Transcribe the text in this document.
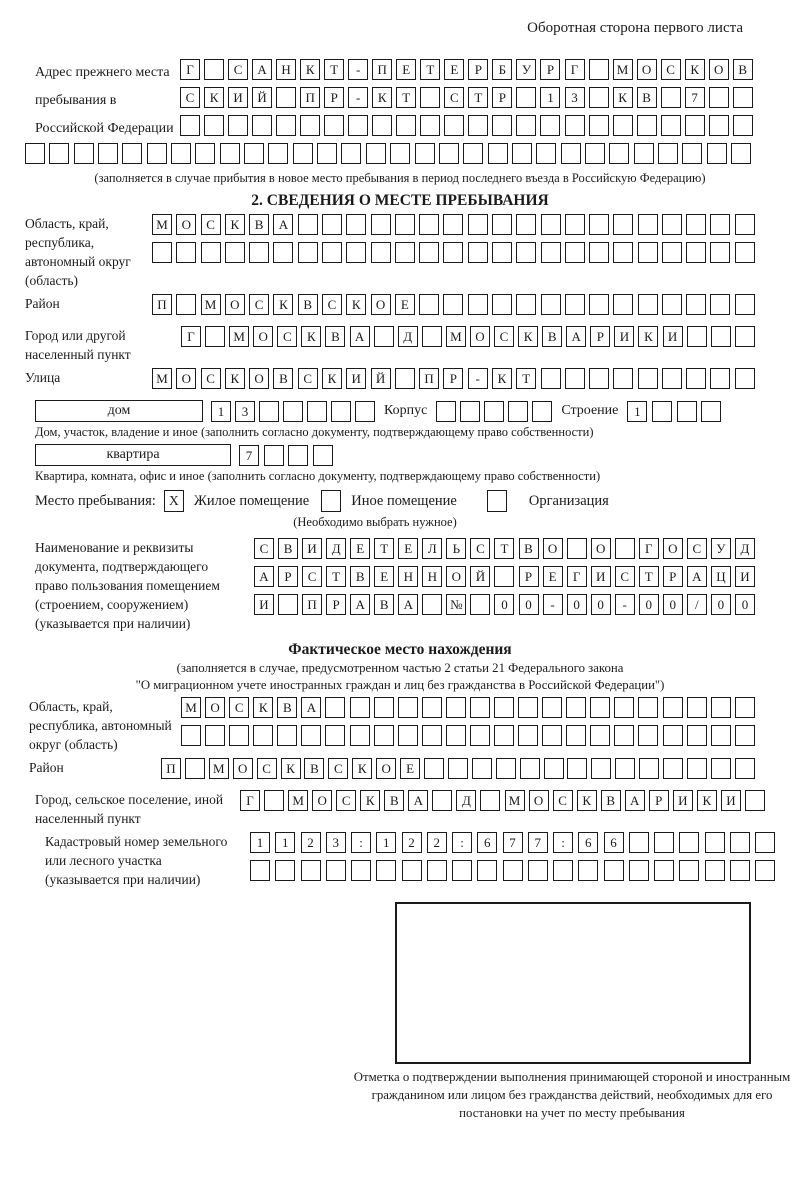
Оборотная сторона первого листа
Адрес прежнего места пребывания в Российской Федерации
Г	С	А	Н	К	Т	-	П	Е	Т	Е	Р	Б	У	Р	Г	М	О	С	К	О	В
С	К	И	Й	П	Р	-	К	Т	С	Т	Р	1	3	К	В	7
(заполняется в случае прибытия в новое место пребывания в период последнего въезда в Российскую Федерацию)
2. СВЕДЕНИЯ О МЕСТЕ ПРЕБЫВАНИЯ
Область, край, республика, автономный округ (область)
М	О	С	К	В	А
Район	П	М	О	С	К	В	С	К	О	Е
Город или другой населенный пункт
Г	М	О	С	К	В	А	Д	М	О	С	К	В	А	Р	И	К	И
Улица	М	О	С	К	О	В	С	К	И	Й	П	Р	-	К	Т
дом	1	3	Корпус	Строение	1
Дом, участок, владение и иное (заполнить согласно документу, подтверждающему право собственности)
квартира	7
Квартира, комната, офис и иное (заполнить согласно документу, подтверждающему право собственности)
Место пребывания: X	Жилое помещение	Иное помещение	Организация
(Необходимо выбрать нужное)
Наименование и реквизиты документа, подтверждающего право пользования помещением (строением, сооружением) (указывается при наличии)
С	В	И	Д	Е	Т	Е	Л	Ь	С	Т	В	О	О	Г	О	С	У	Д
А	Р	С	Т	В	Е	Н	Н	О	Й	Р	Е	Г	И	С	Т	Р	А	Ц	И
И	П	Р	А	В	А	№	0	0	-	0	0	-	0	0	/	0	0
Фактическое место нахождения
(заполняется в случае, предусмотренном частью 2 статьи 21 Федерального закона
"О миграционном учете иностранных граждан и лиц без гражданства в Российской Федерации")
Область, край, республика, автономный округ (область)
М	О	С	К	В	А
Район	П	М	О	С	К	В	С	К	О	Е
Город, сельское поселение, иной населенный пункт
Г	М	О	С	К	В	А	Д	М	О	С	К	В	А	Р	И	К	И
Кадастровый номер земельного или лесного участка (указывается при наличии)
1	1	2	3	:	1	2	2	:	6	7	7	:	6	6
Отметка о подтверждении выполнения принимающей стороной и иностранным гражданином или лицом без гражданства действий, необходимых для его постановки на учет по месту пребывания
